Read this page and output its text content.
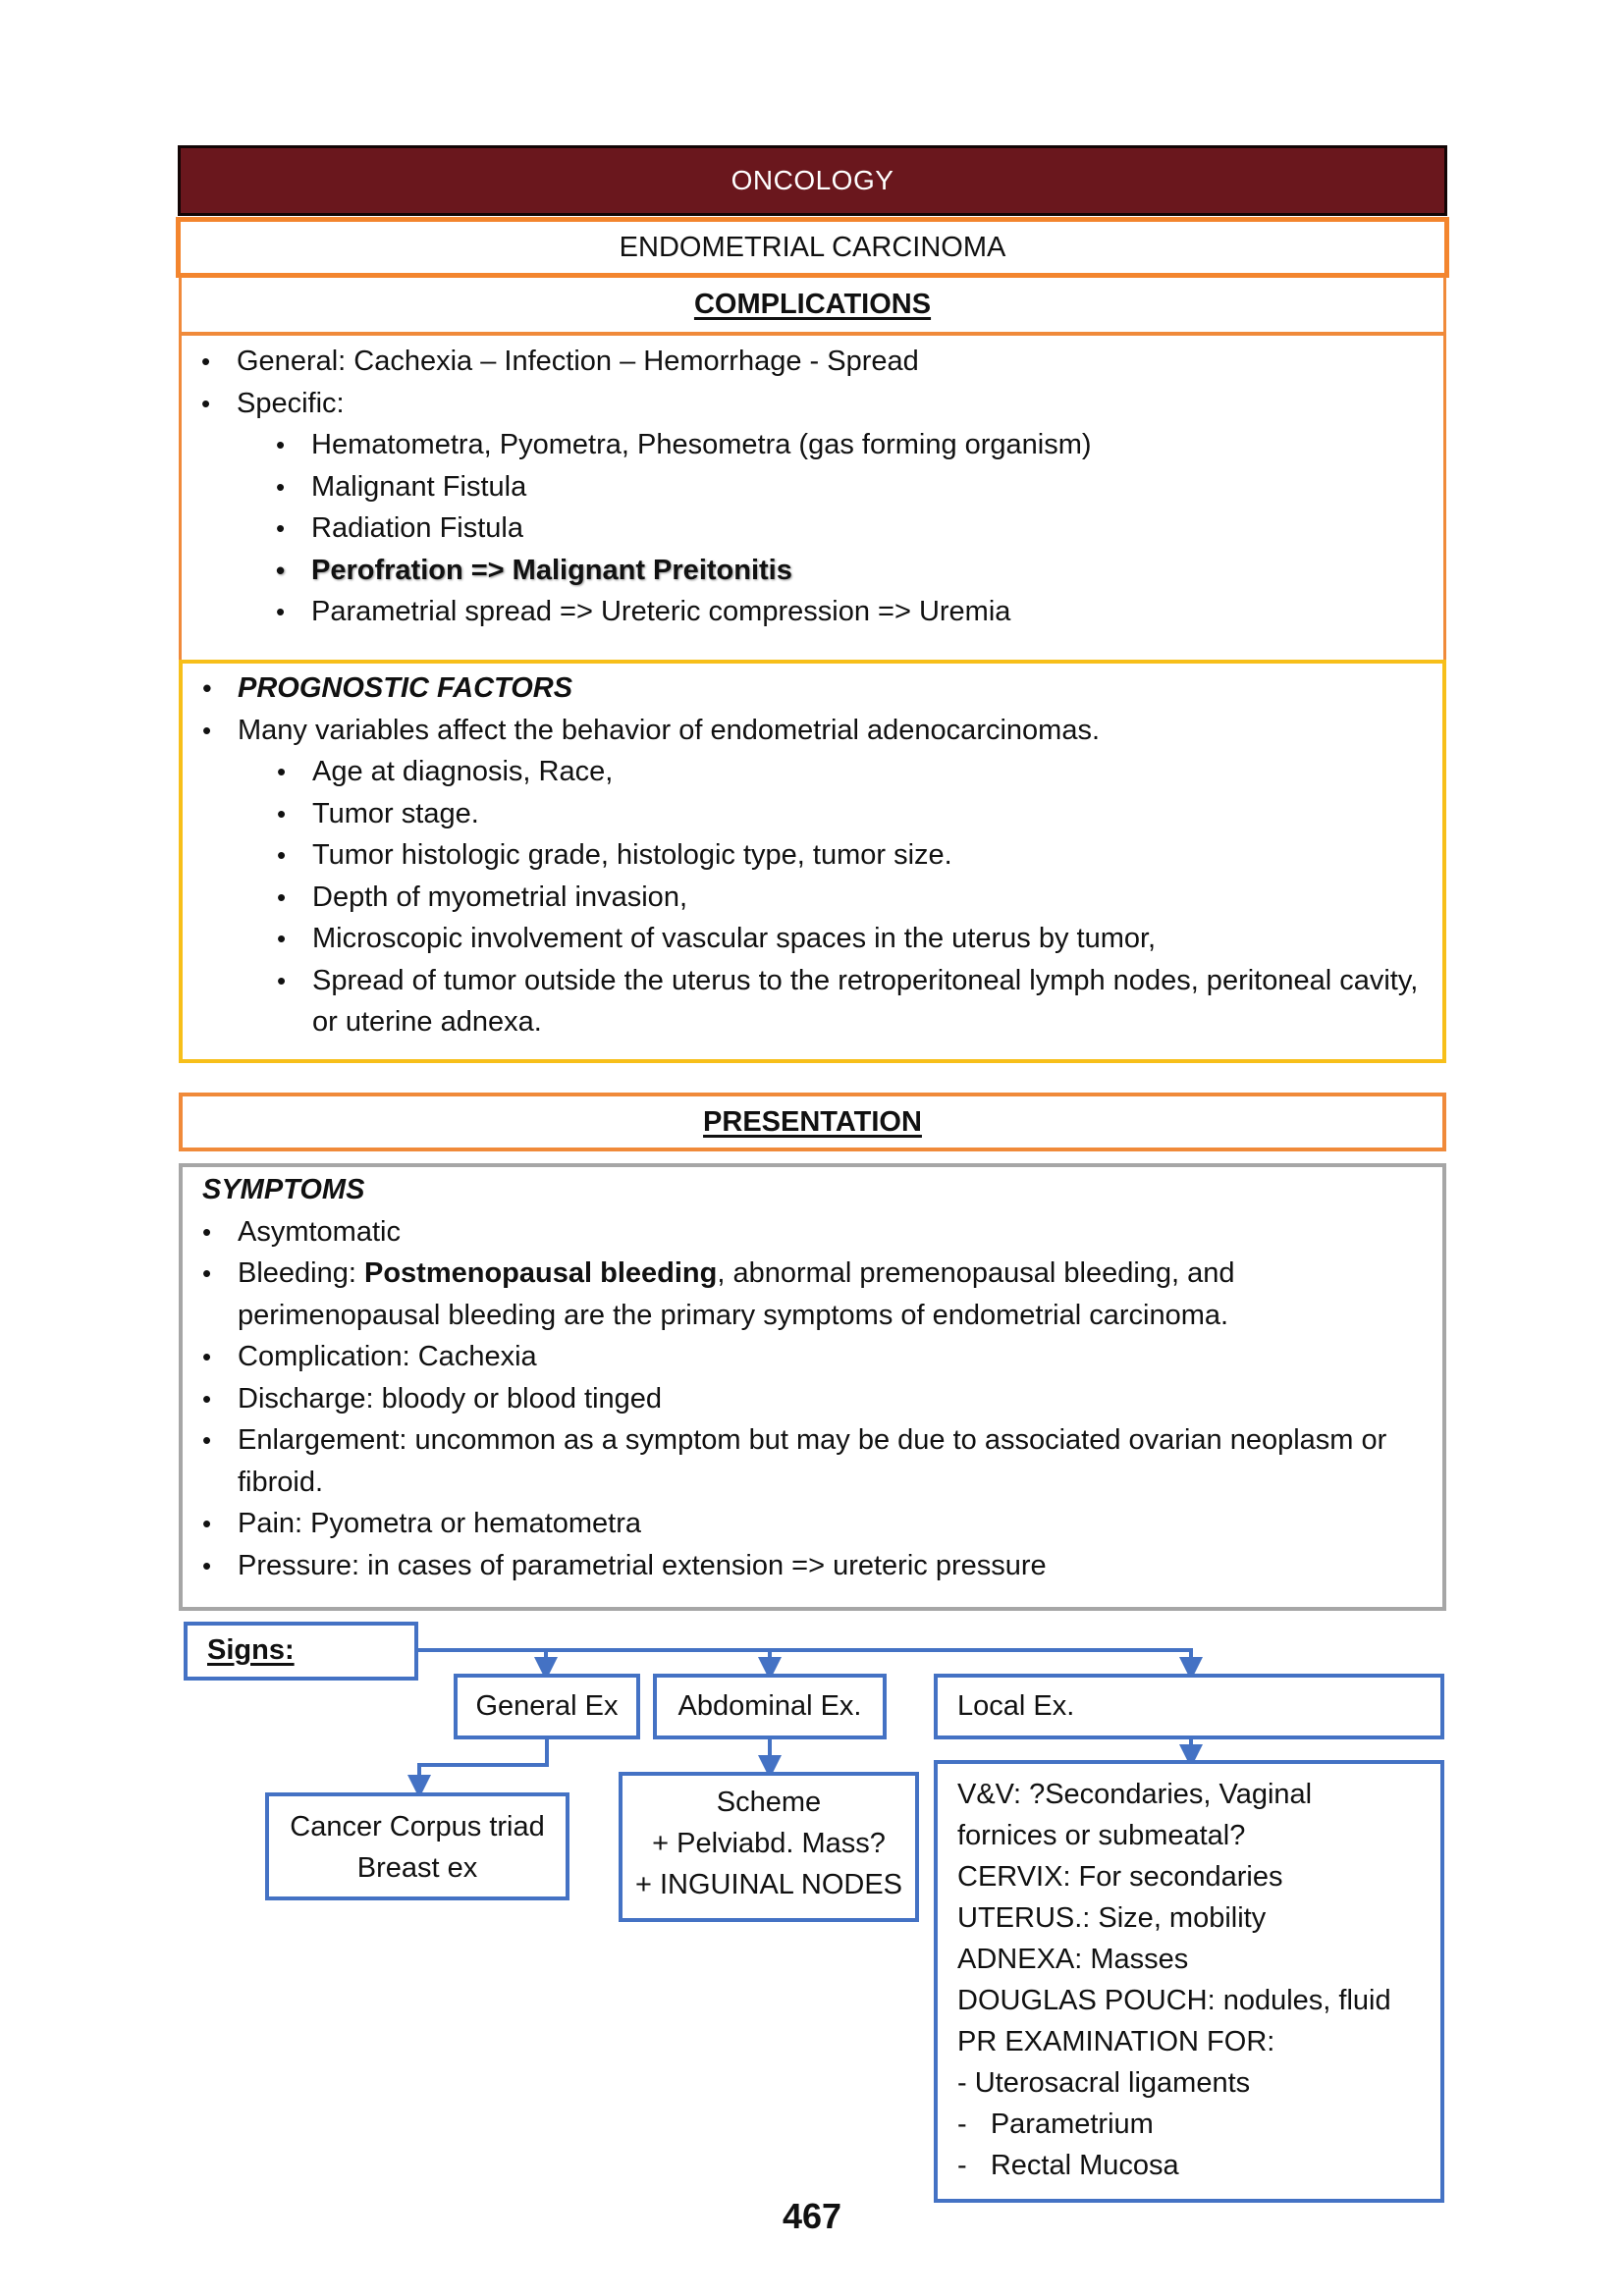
ONCOLOGY
ENDOMETRIAL CARCINOMA
COMPLICATIONS
• General: Cachexia – Infection – Hemorrhage - Spread
• Specific:
• Hematometra, Pyometra, Phesometra (gas forming organism)
• Malignant Fistula
• Radiation Fistula
• Perofration => Malignant Preitonitis
• Parametrial spread => Ureteric compression => Uremia
• PROGNOSTIC FACTORS
• Many variables affect the behavior of endometrial adenocarcinomas.
• Age at diagnosis, Race,
• Tumor stage.
• Tumor histologic grade, histologic type, tumor size.
• Depth of myometrial invasion,
• Microscopic involvement of vascular spaces in the uterus by tumor,
• Spread of tumor outside the uterus to the retroperitoneal lymph nodes, peritoneal cavity, or uterine adnexa.
PRESENTATION
SYMPTOMS
• Asymtomatic
• Bleeding: Postmenopausal bleeding, abnormal premenopausal bleeding, and perimenopausal bleeding are the primary symptoms of endometrial carcinoma.
• Complication: Cachexia
• Discharge: bloody or blood tinged
• Enlargement: uncommon as a symptom but may be due to associated ovarian neoplasm or fibroid.
• Pain: Pyometra or hematometra
• Pressure: in cases of parametrial extension => ureteric pressure
Signs:
General Ex	Abdominal Ex.	Local Ex.
Cancer Corpus triad
Breast ex
Scheme
+ Pelviabd. Mass?
+ INGUINAL NODES
V&V: ?Secondaries, Vaginal
fornices or submeatal?
CERVIX: For secondaries
UTERUS.: Size, mobility
ADNEXA: Masses
DOUGLAS POUCH: nodules, fluid
PR EXAMINATION FOR:
- Uterosacral ligaments
-   Parametrium
-   Rectal Mucosa
467
